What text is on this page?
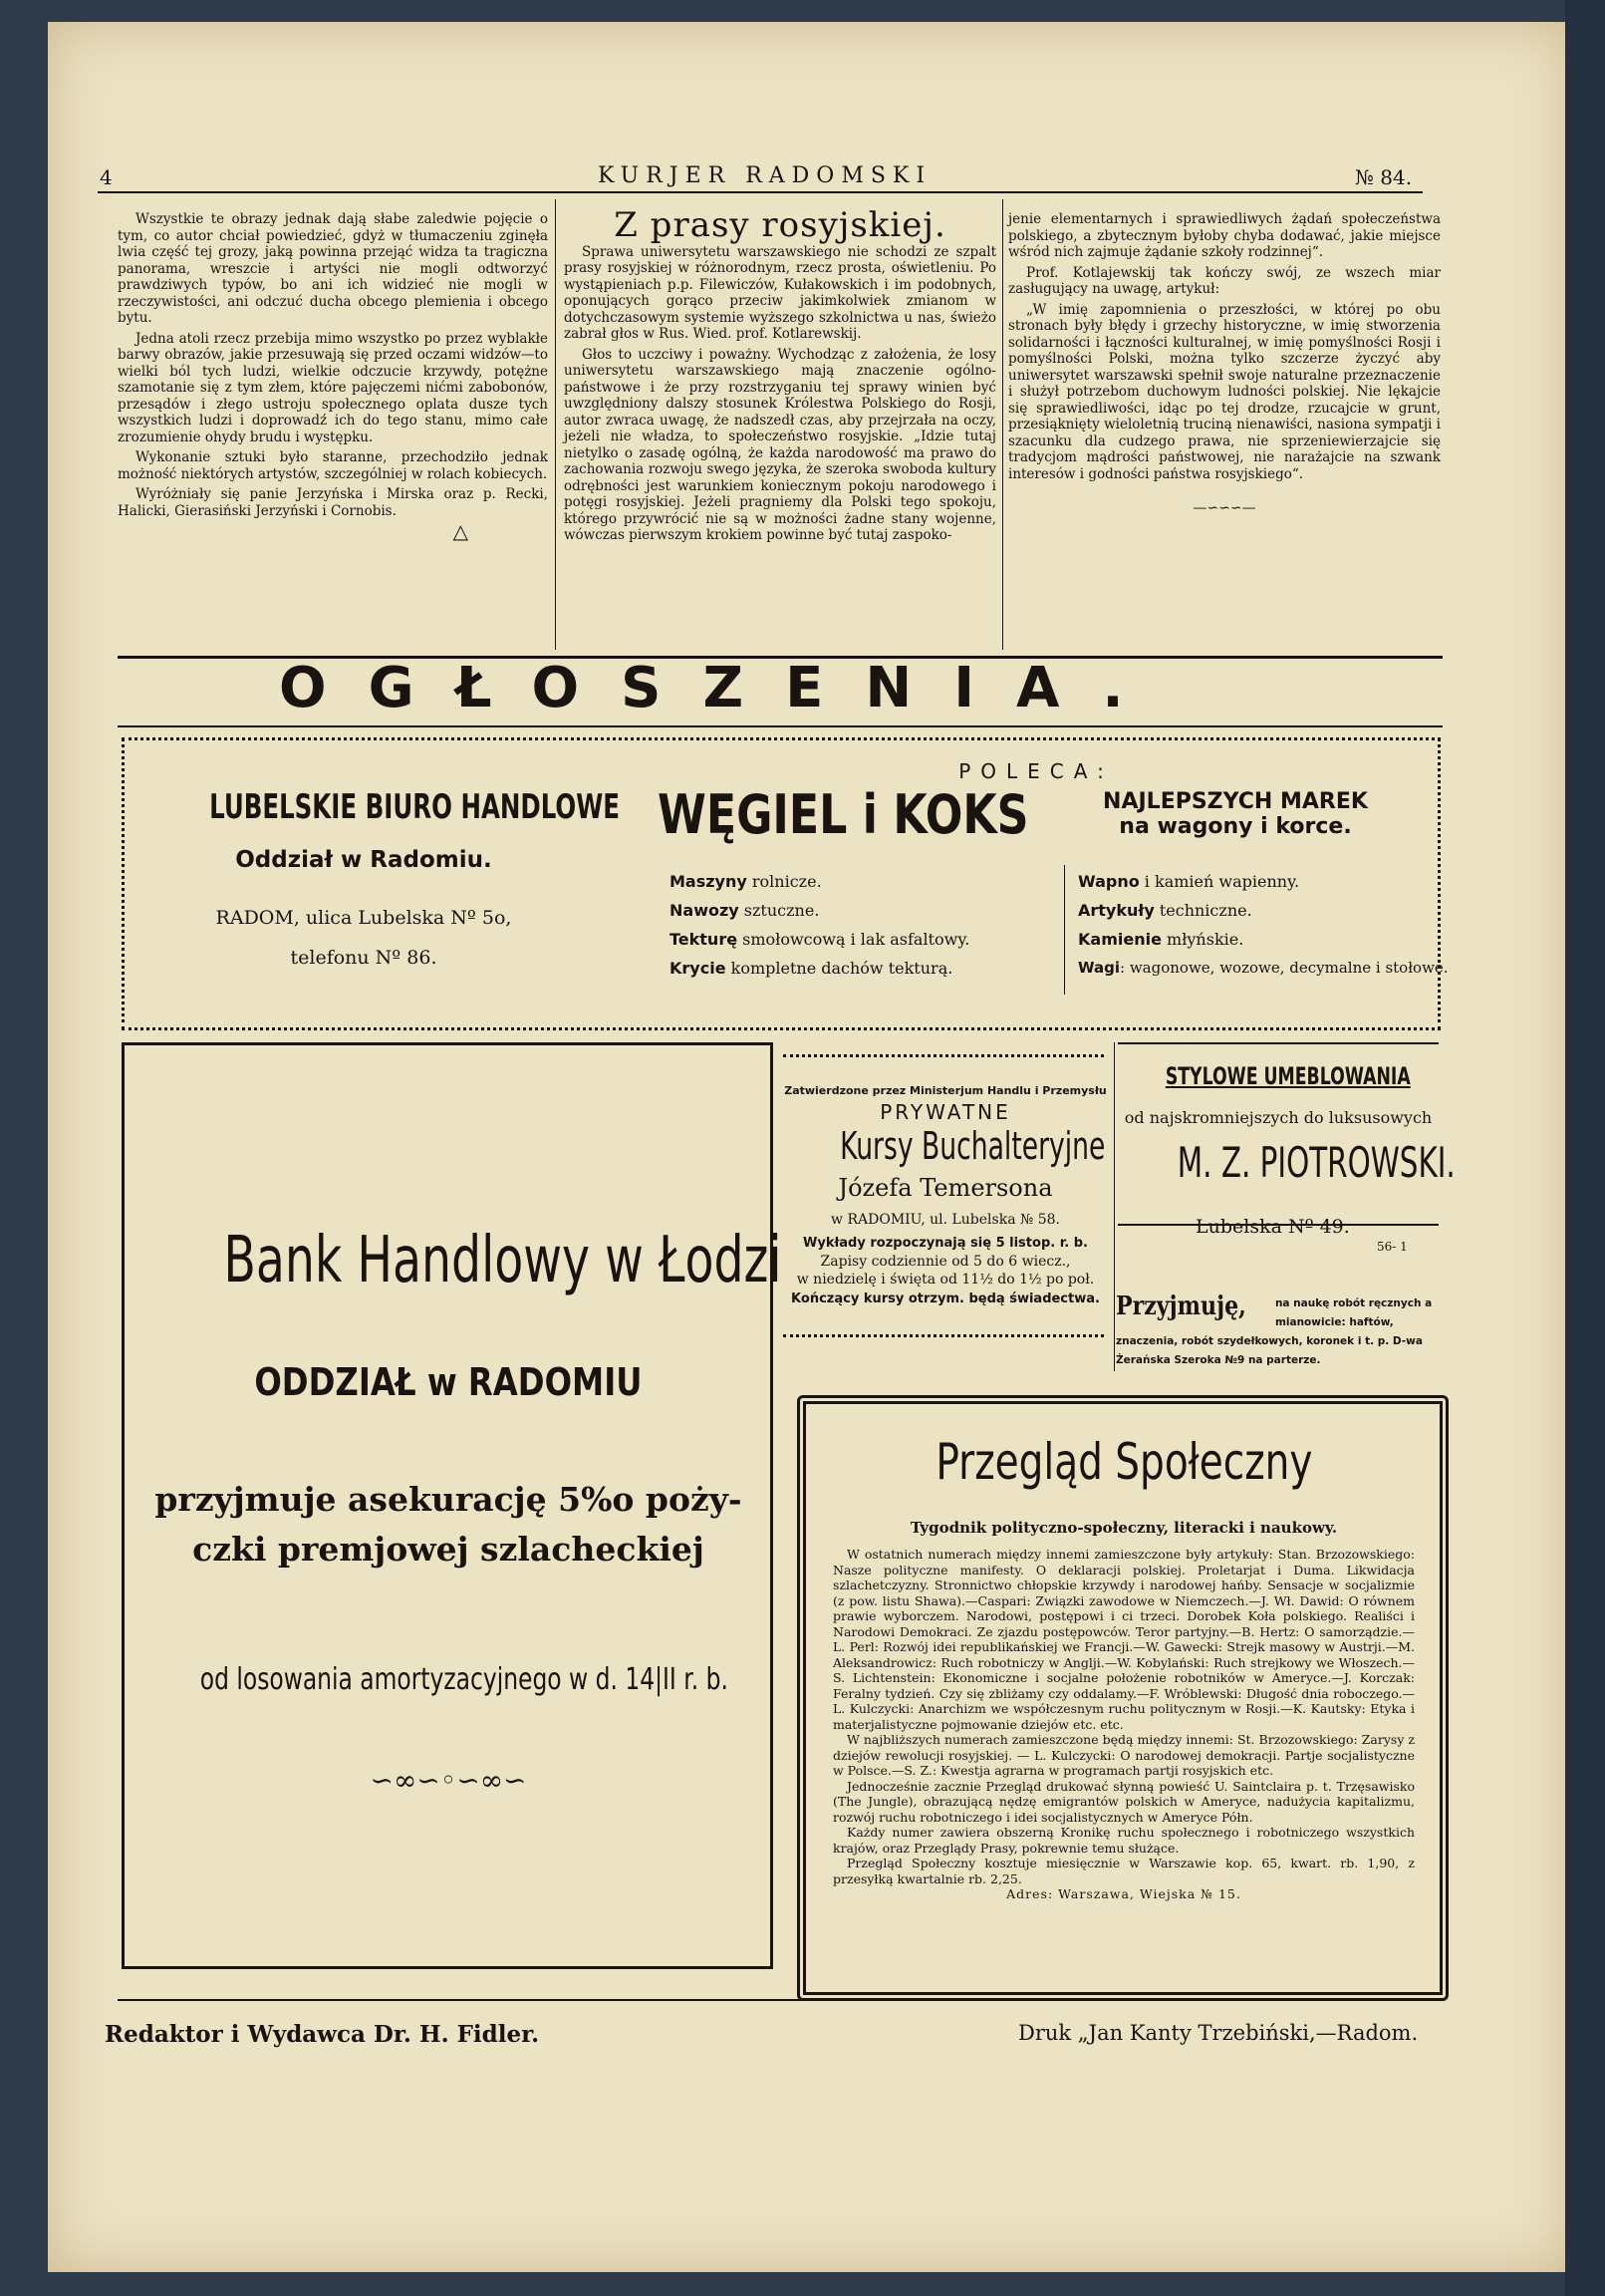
4	KURJER RADOMSKI	№ 84.

Wszystkie te obrazy jednak dają słabe zaledwie pojęcie o tym, co autor chciał powiedzieć, gdyż w tłumaczeniu zginęła lwia część tej grozy, jaką powinna przejąć widza ta tragiczna panorama, wreszcie i artyści nie mogli odtworzyć prawdziwych typów, bo ani ich widzieć nie mogli w rzeczywistości, ani odczuć ducha obcego plemienia i obcego bytu.

Jedna atoli rzecz przebija mimo wszystko po przez wyblakłe barwy obrazów, jakie przesuwają się przed oczami widzów—to wielki ból tych ludzi, wielkie odczucie krzywdy, potężne szamotanie się z tym złem, które pajęczemi nićmi zabobonów, przesądów i złego ustroju społecznego oplata dusze tych wszystkich ludzi i doprowadź ich do tego stanu, mimo całe zrozumienie ohydy brudu i występku.

Wykonanie sztuki było staranne, przechodziło jednak możność niektórych artystów, szczególniej w rolach kobiecych.

Wyróżniały się panie Jerzyńska i Mirska oraz p. Recki, Halicki, Gierasiński Jerzyński i Cornobis.

△
Z prasy rosyjskiej.

Sprawa uniwersytetu warszawskiego nie schodzi ze szpalt prasy rosyjskiej w różnorodnym, rzecz prosta, oświetleniu. Po wystąpieniach p.p. Filewiczów, Kułakowskich i im podobnych, oponujących gorąco przeciw jakimkolwiek zmianom w dotychczasowym systemie wyższego szkolnictwa u nas, świeżo zabrał głos w Rus. Wied. prof. Kotlarewskij.

Głos to uczciwy i poważny. Wychodząc z założenia, że losy uniwersytetu warszawskiego mają znaczenie ogólno-państwowe i że przy rozstrzyganiu tej sprawy winien być uwzględniony dalszy stosunek Królestwa Polskiego do Rosji, autor zwraca uwagę, że nadszedł czas, aby przejrzała na oczy, jeżeli nie władza, to społeczeństwo rosyjskie. „Idzie tutaj nietylko o zasadę ogólną, że każda narodowość ma prawo do zachowania rozwoju swego języka, że szeroka swoboda kultury odrębności jest warunkiem koniecznym pokoju narodowego i potęgi rosyjskiej. Jeżeli pragniemy dla Polski tego spokoju, którego przywrócić nie są w możności żadne stany wojenne, wówczas pierwszym krokiem powinne być tutaj zaspoko-

jenie elementarnych i sprawiedliwych żądań społeczeństwa polskiego, a zbytecznym byłoby chyba dodawać, jakie miejsce wśród nich zajmuje żądanie szkoły rodzinnej“.

Prof. Kotlajewskij tak kończy swój, ze wszech miar zasługujący na uwagę, artykuł:

„W imię zapomnienia o przeszłości, w której po obu stronach były błędy i grzechy historyczne, w imię stworzenia solidarności i łączności kulturalnej, w imię pomyślności Rosji i pomyślności Polski, można tylko szczerze życzyć aby uniwersytet warszawski spełnił swoje naturalne przeznaczenie i służył potrzebom duchowym ludności polskiej. Nie lękajcie się sprawiedliwości, idąc po tej drodze, rzucajcie w grunt, przesiąknięty wieloletnią truciną nienawiści, nasiona sympatji i szacunku dla cudzego prawa, nie sprzeniewierzajcie się tradycjom mądrości państwowej, nie narażajcie na szwank interesów i godności państwa rosyjskiego“.

—∽∽∽—
OGŁOSZENIA.
LUBELSKIE BIURO HANDLOWE
Oddział w Radomiu.
RADOM, ulica Lubelska Nº 5o,
telefonu Nº 86.
POLECA:
WĘGIEL i KOKS	NAJLEPSZYCH MAREK
na wagony i korce.
Maszyny rolnicze.
Nawozy sztuczne.
Tekturę smołowcową i lak asfaltowy.
Krycie kompletne dachów tekturą.
Wapno i kamień wapienny.
Artykuły techniczne.
Kamienie młyńskie.
Wagi: wagonowe, wozowe, decymalne i stołowe.
Bank Handlowy w Łodzi
ODDZIAŁ w RADOMIU
przyjmuje asekurację 5%o poży-
czki premjowej szlacheckiej
od losowania amortyzacyjnego w d. 14|II r. b.
∽∞∽◦∽∞∽
Zatwierdzone przez Ministerjum Handlu i Przemysłu
PRYWATNE
Kursy Buchalteryjne
Józefa Temersona
w RADOMIU, ul. Lubelska № 58.
Wykłady rozpoczynają się 5 listop. r. b.
Zapisy codziennie od 5 do 6 wiecz.,
w niedzielę i święta od 11½ do 1½ po poł.
Kończący kursy otrzym. będą świadectwa.
STYLOWE UMEBLOWANIA
od najskromniejszych do luksusowych
M. Z. PIOTROWSKI.
Lubelska Nº 49.
56- 1
Przyjmuję,	na naukę robót ręcznych a mianowicie: haftów, znaczenia, robót szydełkowych, koronek i t. p. D-wa Żerańska Szeroka №9 na parterze.
Przegląd Społeczny
Tygodnik polityczno-społeczny, literacki i naukowy.
W ostatnich numerach między innemi zamieszczone były artykuły: Stan. Brzozowskiego: Nasze polityczne manifesty. O deklaracji polskiej. Proletarjat i Duma. Likwidacja szlachetczyzny. Stronnictwo chłopskie krzywdy i narodowej hańby. Sensacje w socjalizmie (z pow. listu Shawa).—Caspari: Związki zawodowe w Niemczech.—J. Wł. Dawid: O równem prawie wyborczem. Narodowi, postępowi i ci trzeci. Dorobek Koła polskiego. Realiści i Narodowi Demokraci. Ze zjazdu postępowców. Teror partyjny.—B. Hertz: O samorządzie.—L. Perl: Rozwój idei republikańskiej we Francji.—W. Gawecki: Strejk masowy w Austrji.—M. Aleksandrowicz: Ruch robotniczy w Anglji.—W. Kobylański: Ruch strejkowy we Włoszech.—S. Lichtenstein: Ekonomiczne i socjalne położenie robotników w Ameryce.—J. Korczak: Feralny tydzień. Czy się zbliżamy czy oddalamy.—F. Wróblewski: Długość dnia roboczego.—L. Kulczycki: Anarchizm we współczesnym ruchu politycznym w Rosji.—K. Kautsky: Etyka i materjalistyczne pojmowanie dziejów etc. etc.
W najbliższych numerach zamieszczone będą między innemi: St. Brzozowskiego: Zarysy z dziejów rewolucji rosyjskiej. — L. Kulczycki: O narodowej demokracji. Partje socjalistyczne w Polsce.—S. Z.: Kwestja agrarna w programach partji rosyjskich etc.
Jednocześnie zacznie Przegląd drukować słynną powieść U. Saintclaira p. t. Trzęsawisko (The Jungle), obrazującą nędzę emigrantów polskich w Ameryce, nadużycia kapitalizmu, rozwój ruchu robotniczego i idei socjalistycznych w Ameryce Półn.
Każdy numer zawiera obszerną Kronikę ruchu społecznego i robotniczego wszystkich krajów, oraz Przeglądy Prasy, pokrewnie temu służące.
Przegląd Społeczny kosztuje miesięcznie w Warszawie kop. 65, kwart. rb. 1,90, z przesyłką kwartalnie rb. 2,25.
Adres: Warszawa, Wiejska № 15.
Redaktor i Wydawca Dr. H. Fidler.	Druk „Jan Kanty Trzebiński,—Radom.
